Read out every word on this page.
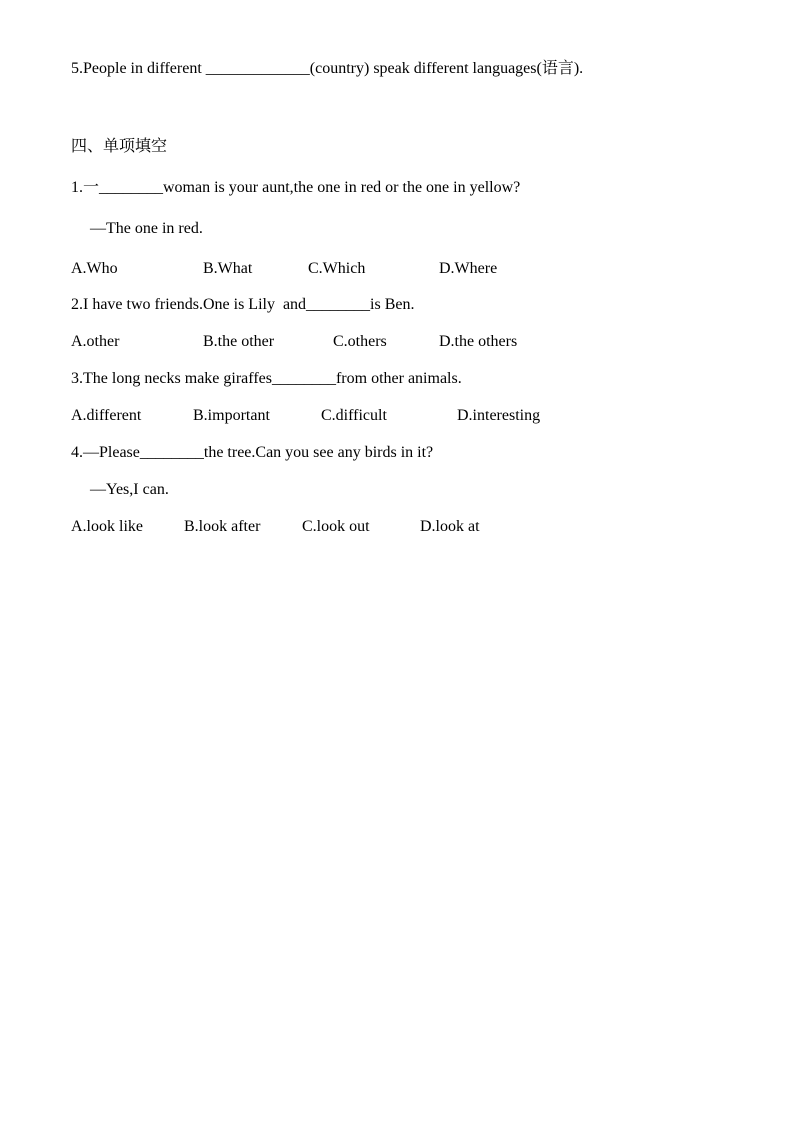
5.People in different _____________(country) speak different languages(语言).
四、单项填空
1.一________woman is your aunt,the one in red or the one in yellow?
—The one in red.
A.Who	B.What	C.Which	D.Where
2.I have two friends.One is Lily  and________is Ben.
A.other	B.the other	C.others	D.the others
3.The long necks make giraffes________from other animals.
A.different	B.important	C.difficult	D.interesting
4.—Please________the tree.Can you see any birds in it?
—Yes,I can.
A.look like	B.look after	C.look out	D.look at
